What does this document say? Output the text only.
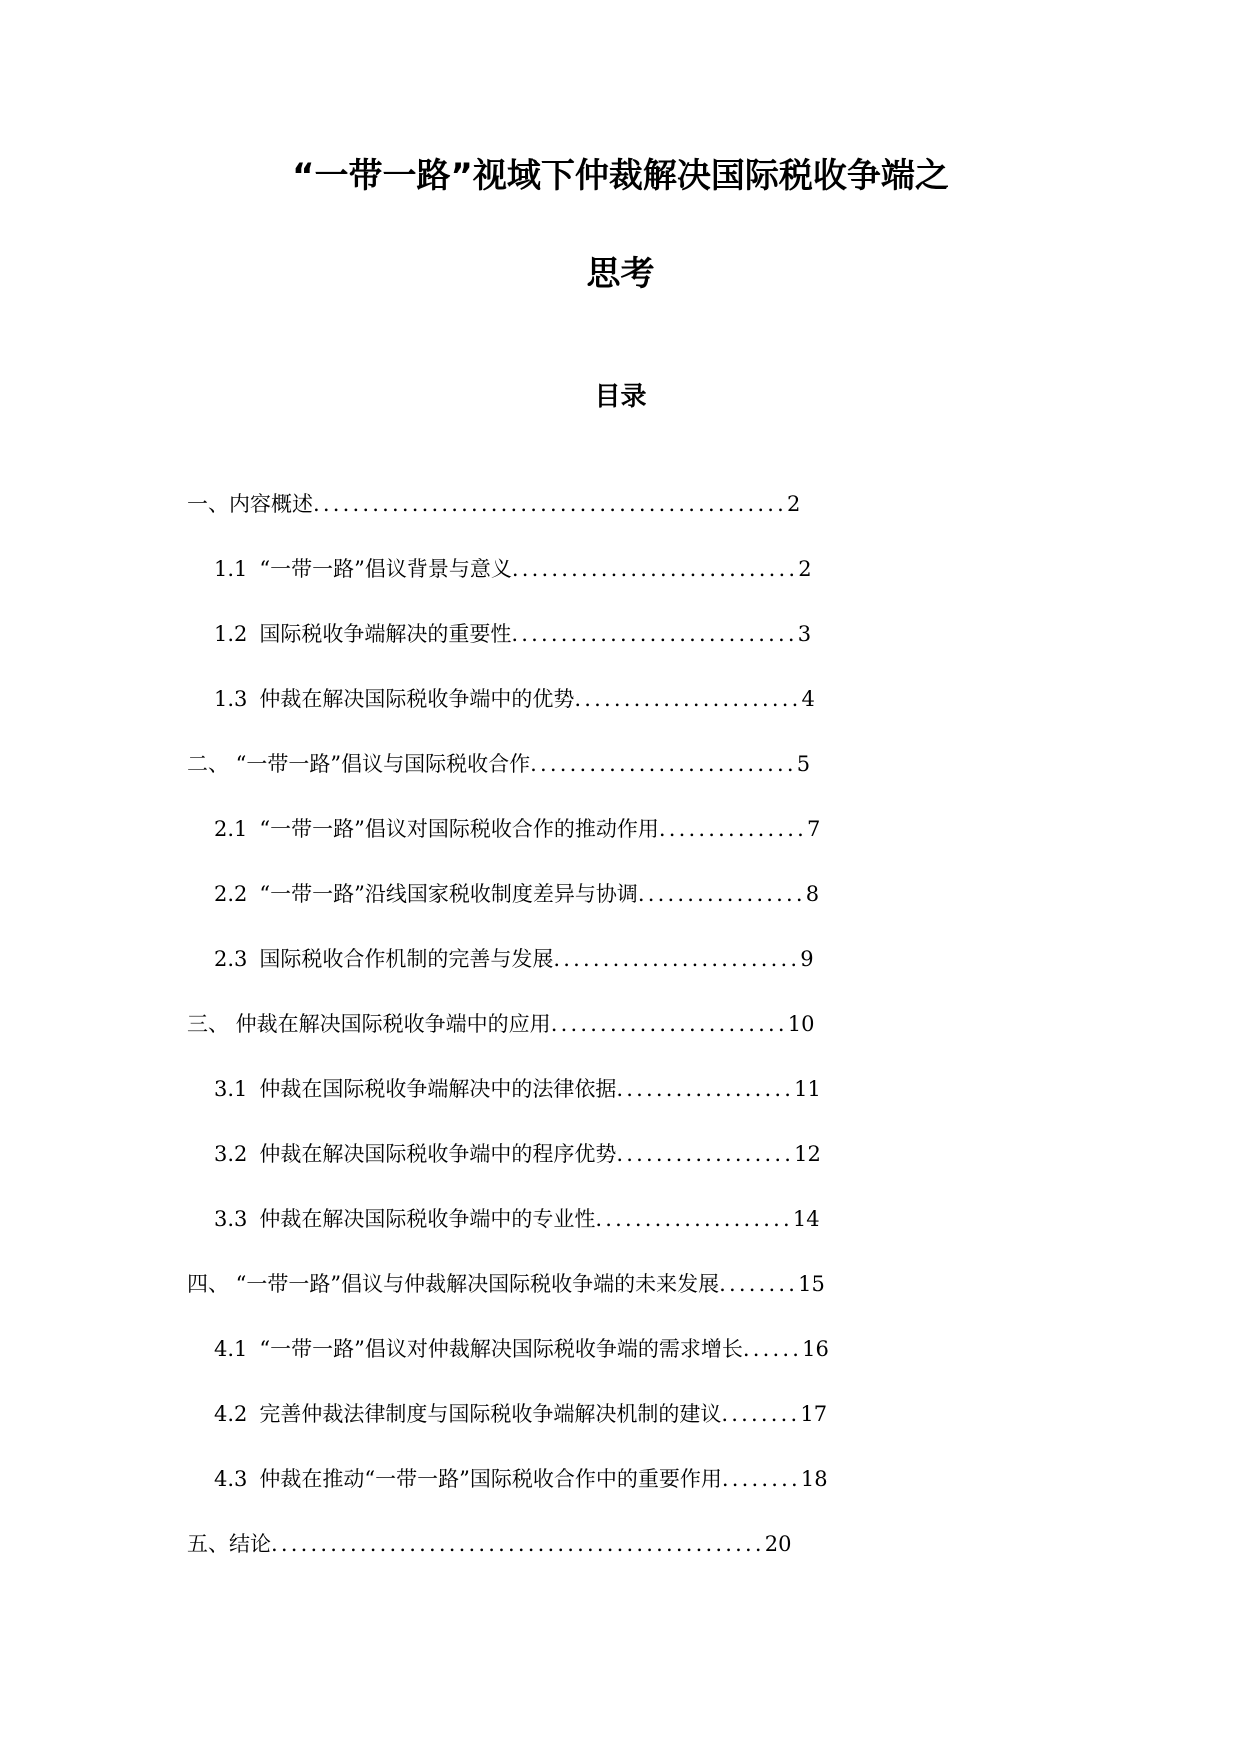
“一带一路”视域下仲裁解决国际税收争端之
思考
目录
一、内容概述................................................2
1.1 “一带一路”倡议背景与意义.............................2
1.2 国际税收争端解决的重要性.............................3
1.3 仲裁在解决国际税收争端中的优势.......................4
二、 “一带一路”倡议与国际税收合作...........................5
2.1 “一带一路”倡议对国际税收合作的推动作用...............7
2.2 “一带一路”沿线国家税收制度差异与协调.................8
2.3 国际税收合作机制的完善与发展.........................9
三、 仲裁在解决国际税收争端中的应用........................10
3.1 仲裁在国际税收争端解决中的法律依据..................11
3.2 仲裁在解决国际税收争端中的程序优势..................12
3.3 仲裁在解决国际税收争端中的专业性....................14
四、 “一带一路”倡议与仲裁解决国际税收争端的未来发展........15
4.1 “一带一路”倡议对仲裁解决国际税收争端的需求增长......16
4.2 完善仲裁法律制度与国际税收争端解决机制的建议........17
4.3 仲裁在推动“一带一路”国际税收合作中的重要作用........18
五、结论..................................................20
